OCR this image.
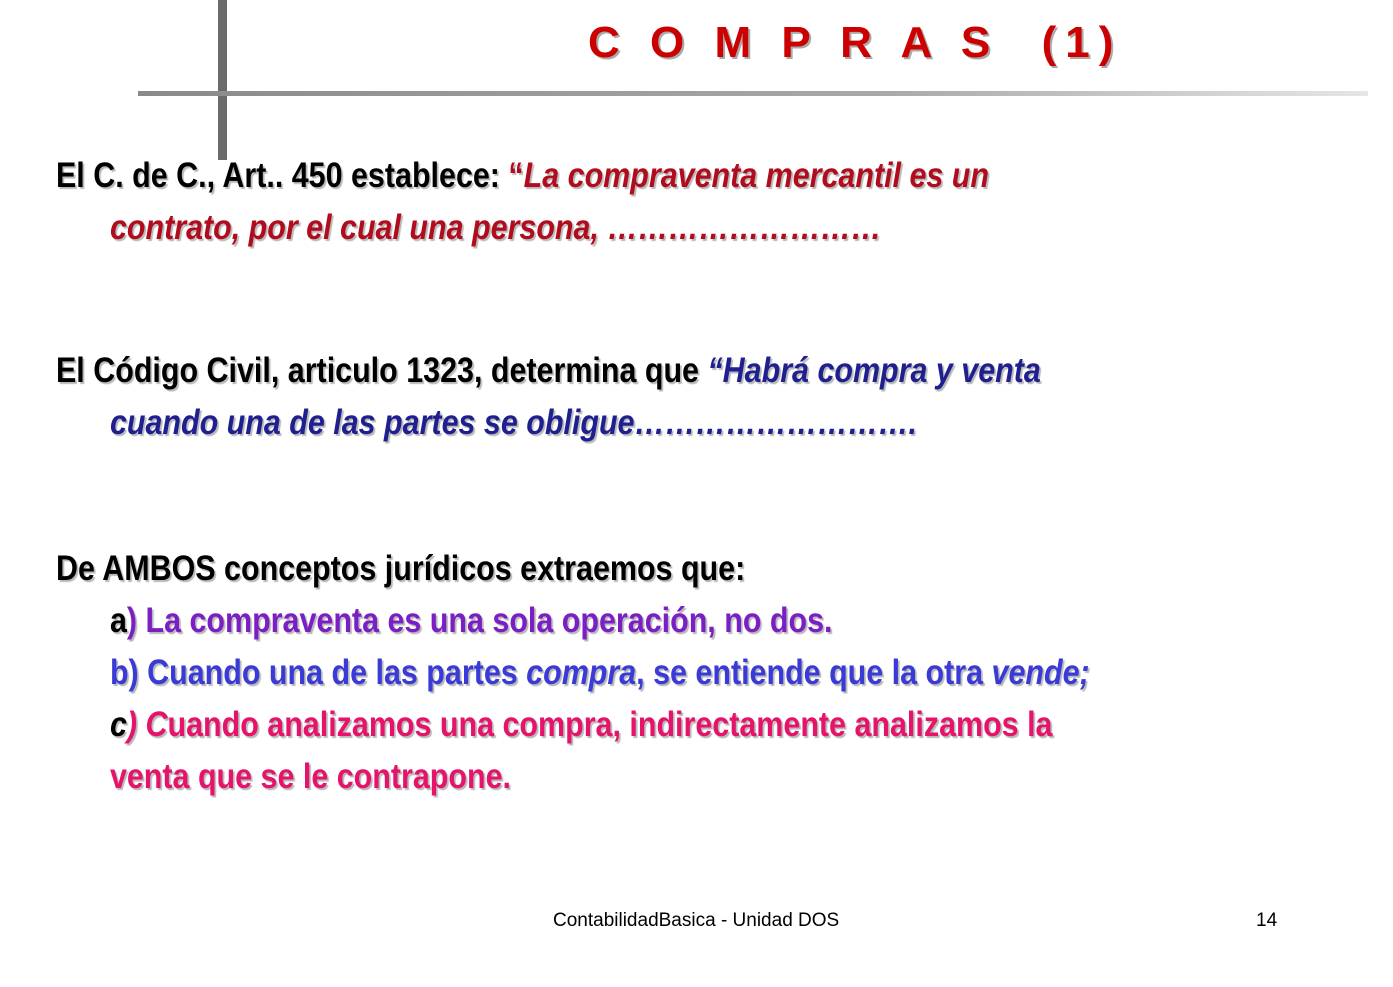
C O M P R A S  (1)

El C. de C., Art.. 450 establece: “La compraventa mercantil es un
contrato, por el cual una persona, ………………………

El Código Civil, articulo 1323, determina que “Habrá compra y venta
cuando una de las partes se obligue……………………….

De AMBOS conceptos jurídicos extraemos que:
a) La compraventa es una sola operación, no dos.
b) Cuando una de las partes compra, se entiende que la otra vende;
c) Cuando analizamos una compra, indirectamente analizamos la
venta que se le contrapone.
ContabilidadBasica - Unidad DOS	14
